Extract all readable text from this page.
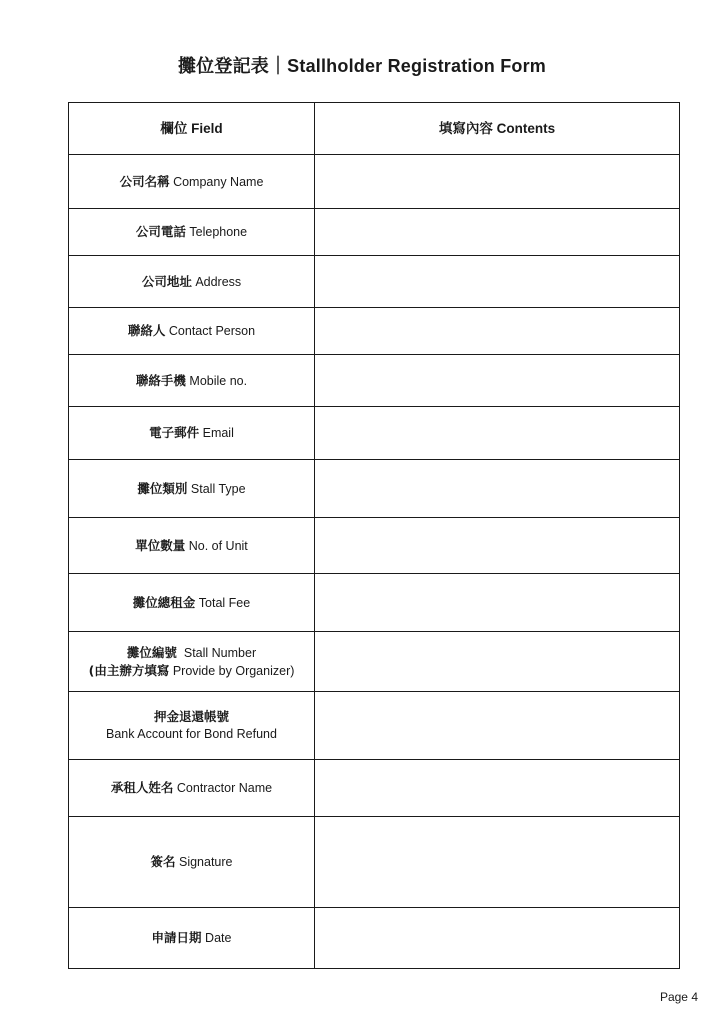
攤位登記表｜Stallholder Registration Form
欄位 Field	填寫內容 Contents
公司名稱 Company Name	
公司電話 Telephone	
公司地址 Address	
聯絡人 Contact Person	
聯絡手機 Mobile no.	
電子郵件 Email	
攤位類別 Stall Type	
單位數量 No. of Unit	
攤位總租金 Total Fee	
攤位編號 Stall Number
(由主辦方填寫 Provide by Organizer)	
押金退還帳號
Bank Account for Bond Refund	
承租人姓名 Contractor Name	
簽名 Signature	
申請日期 Date	
Page 4
